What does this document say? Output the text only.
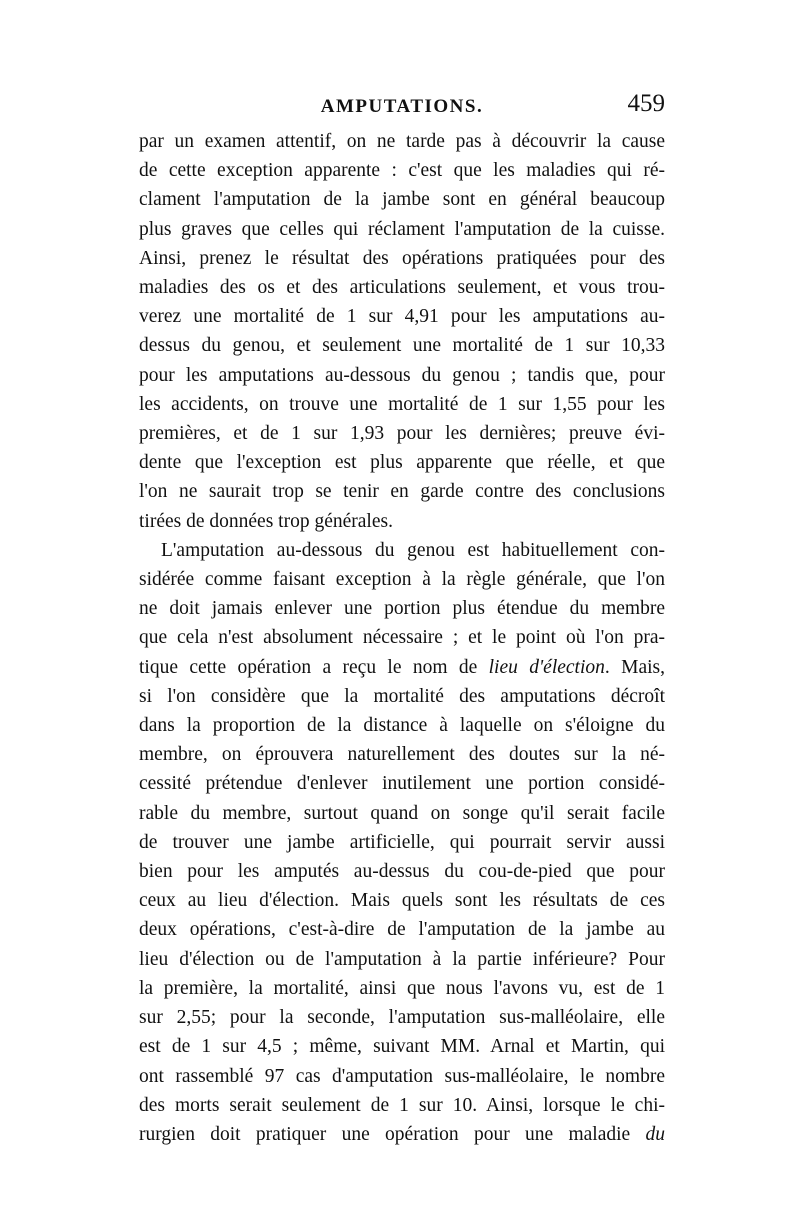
AMPUTATIONS.	459
par un examen attentif, on ne tarde pas à découvrir la cause
de cette exception apparente : c'est que les maladies qui ré-
clament l'amputation de la jambe sont en général beaucoup
plus graves que celles qui réclament l'amputation de la cuisse.
Ainsi, prenez le résultat des opérations pratiquées pour des
maladies des os et des articulations seulement, et vous trou-
verez une mortalité de 1 sur 4,91 pour les amputations au-
dessus du genou, et seulement une mortalité de 1 sur 10,33
pour les amputations au-dessous du genou ; tandis que, pour
les accidents, on trouve une mortalité de 1 sur 1,55 pour les
premières, et de 1 sur 1,93 pour les dernières; preuve évi-
dente que l'exception est plus apparente que réelle, et que
l'on ne saurait trop se tenir en garde contre des conclusions
tirées de données trop générales.
L'amputation au-dessous du genou est habituellement con-
sidérée comme faisant exception à la règle générale, que l'on
ne doit jamais enlever une portion plus étendue du membre
que cela n'est absolument nécessaire ; et le point où l'on pra-
tique cette opération a reçu le nom de lieu d'élection. Mais,
si l'on considère que la mortalité des amputations décroît
dans la proportion de la distance à laquelle on s'éloigne du
membre, on éprouvera naturellement des doutes sur la né-
cessité prétendue d'enlever inutilement une portion considé-
rable du membre, surtout quand on songe qu'il serait facile
de trouver une jambe artificielle, qui pourrait servir aussi
bien pour les amputés au-dessus du cou-de-pied que pour
ceux au lieu d'élection. Mais quels sont les résultats de ces
deux opérations, c'est-à-dire de l'amputation de la jambe au
lieu d'élection ou de l'amputation à la partie inférieure? Pour
la première, la mortalité, ainsi que nous l'avons vu, est de 1
sur 2,55; pour la seconde, l'amputation sus-malléolaire, elle
est de 1 sur 4,5 ; même, suivant MM. Arnal et Martin, qui
ont rassemblé 97 cas d'amputation sus-malléolaire, le nombre
des morts serait seulement de 1 sur 10. Ainsi, lorsque le chi-
rurgien doit pratiquer une opération pour une maladie du
